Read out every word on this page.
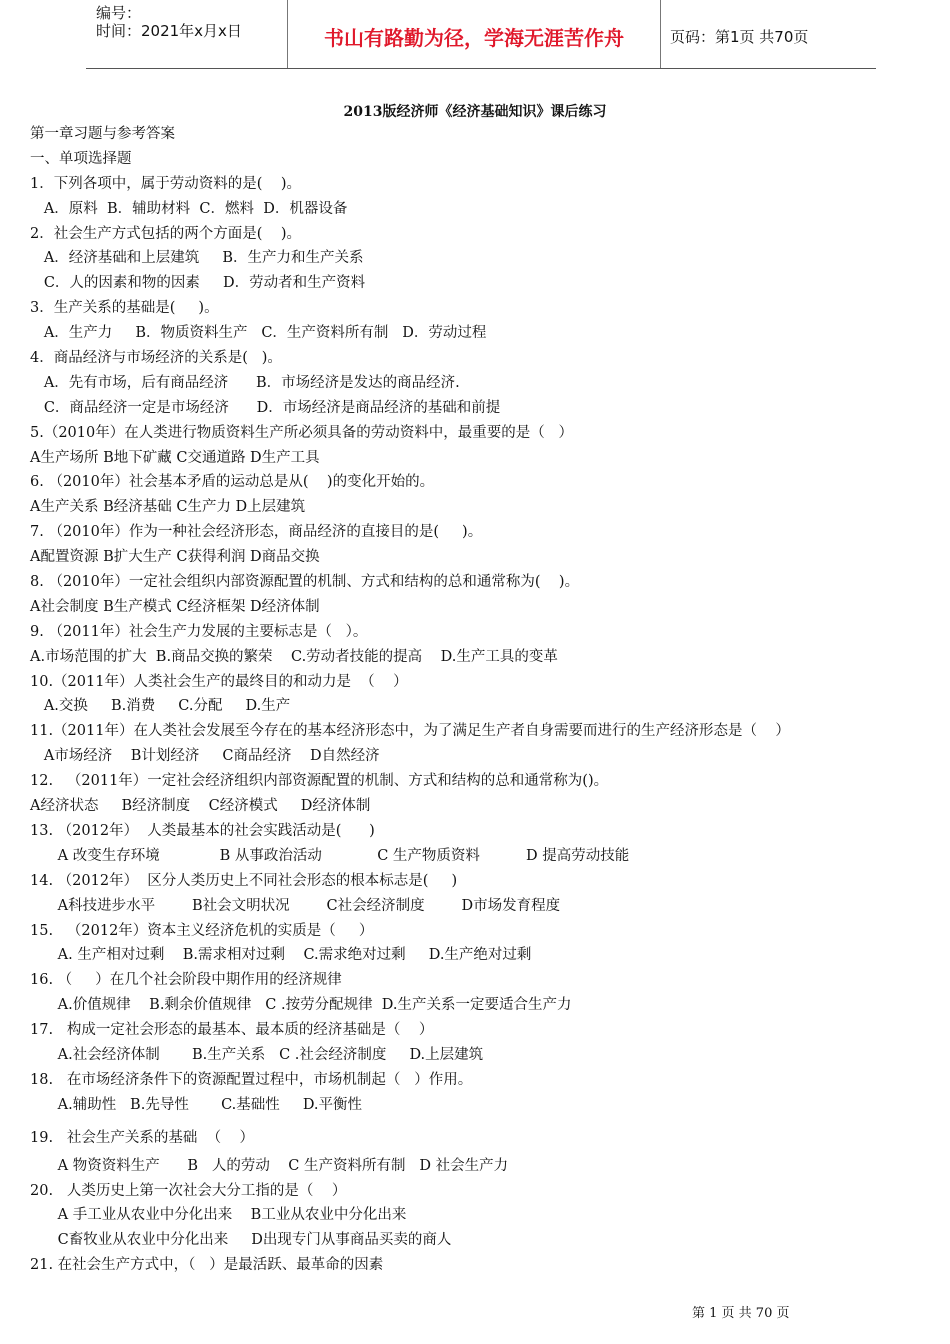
编号：
时间：2021年x月x日	书山有路勤为径，学海无涯苦作舟	页码：第1页 共70页
2013版经济师《经济基础知识》课后练习
第一章习题与参考答案
一、单项选择题
1．下列各项中，属于劳动资料的是(    )。
A．原料  B．辅助材料  C．燃料  D．机器设备
2．社会生产方式包括的两个方面是(    )。
A．经济基础和上层建筑     B．生产力和生产关系
C．人的因素和物的因素     D．劳动者和生产资料
3．生产关系的基础是(     )。
A．生产力     B．物质资料生产   C．生产资料所有制   D．劳动过程
4．商品经济与市场经济的关系是(   )。
A．先有市场，后有商品经济      B．市场经济是发达的商品经济.
C．商品经济一定是市场经济      D．市场经济是商品经济的基础和前提
5.（2010年）在人类进行物质资料生产所必须具备的劳动资料中，最重要的是（   ）
A生产场所 B地下矿藏 C交通道路 D生产工具
6. （2010年）社会基本矛盾的运动总是从(    )的变化开始的。
A生产关系 B经济基础 C生产力 D上层建筑
7. （2010年）作为一种社会经济形态，商品经济的直接目的是(     )。
A配置资源 B扩大生产 C获得利润 D商品交换
8. （2010年）一定社会组织内部资源配置的机制、方式和结构的总和通常称为(    )。
A社会制度 B生产模式 C经济框架 D经济体制
9. （2011年）社会生产力发展的主要标志是（   ）。
A.市场范围的扩大  B.商品交换的繁荣    C.劳动者技能的提高    D.生产工具的变革
10.（2011年）人类社会生产的最终目的和动力是  （    ）
A.交换     B.消费     C.分配     D.生产
11.（2011年）在人类社会发展至今存在的基本经济形态中，为了满足生产者自身需要而进行的生产经济形态是（    ）
A市场经济    B计划经济     C商品经济    D自然经济
12.   （2011年）一定社会经济组织内部资源配置的机制、方式和结构的总和通常称为()。
A经济状态     B经济制度    C经济模式     D经济体制
13. （2012年）  人类最基本的社会实践活动是(      )
A 改变生存环境             B 从事政治活动            C 生产物质资料          D 提高劳动技能
14. （2012年）  区分人类历史上不同社会形态的根本标志是(     )
A科技进步水平        B社会文明状况        C社会经济制度        D市场发育程度
15.   （2012年）资本主义经济危机的实质是（     ）
A. 生产相对过剩    B.需求相对过剩    C.需求绝对过剩     D.生产绝对过剩
16. （     ）在几个社会阶段中期作用的经济规律
A.价值规律    B.剩余价值规律   C .按劳分配规律  D.生产关系一定要适合生产力
17.   构成一定社会形态的最基本、最本质的经济基础是（    ）
A.社会经济体制       B.生产关系   C .社会经济制度     D.上层建筑
18.   在市场经济条件下的资源配置过程中，市场机制起（   ）作用。
A.辅助性   B.先导性       C.基础性     D.平衡性
19.   社会生产关系的基础  （    ）
A 物资资料生产      B   人的劳动    C 生产资料所有制   D 社会生产力
20.   人类历史上第一次社会大分工指的是（    ）
A 手工业从农业中分化出来    B工业从农业中分化出来
C畜牧业从农业中分化出来     D出现专门从事商品买卖的商人
21. 在社会生产方式中，（   ）是最活跃、最革命的因素
第 1 页 共 70 页
